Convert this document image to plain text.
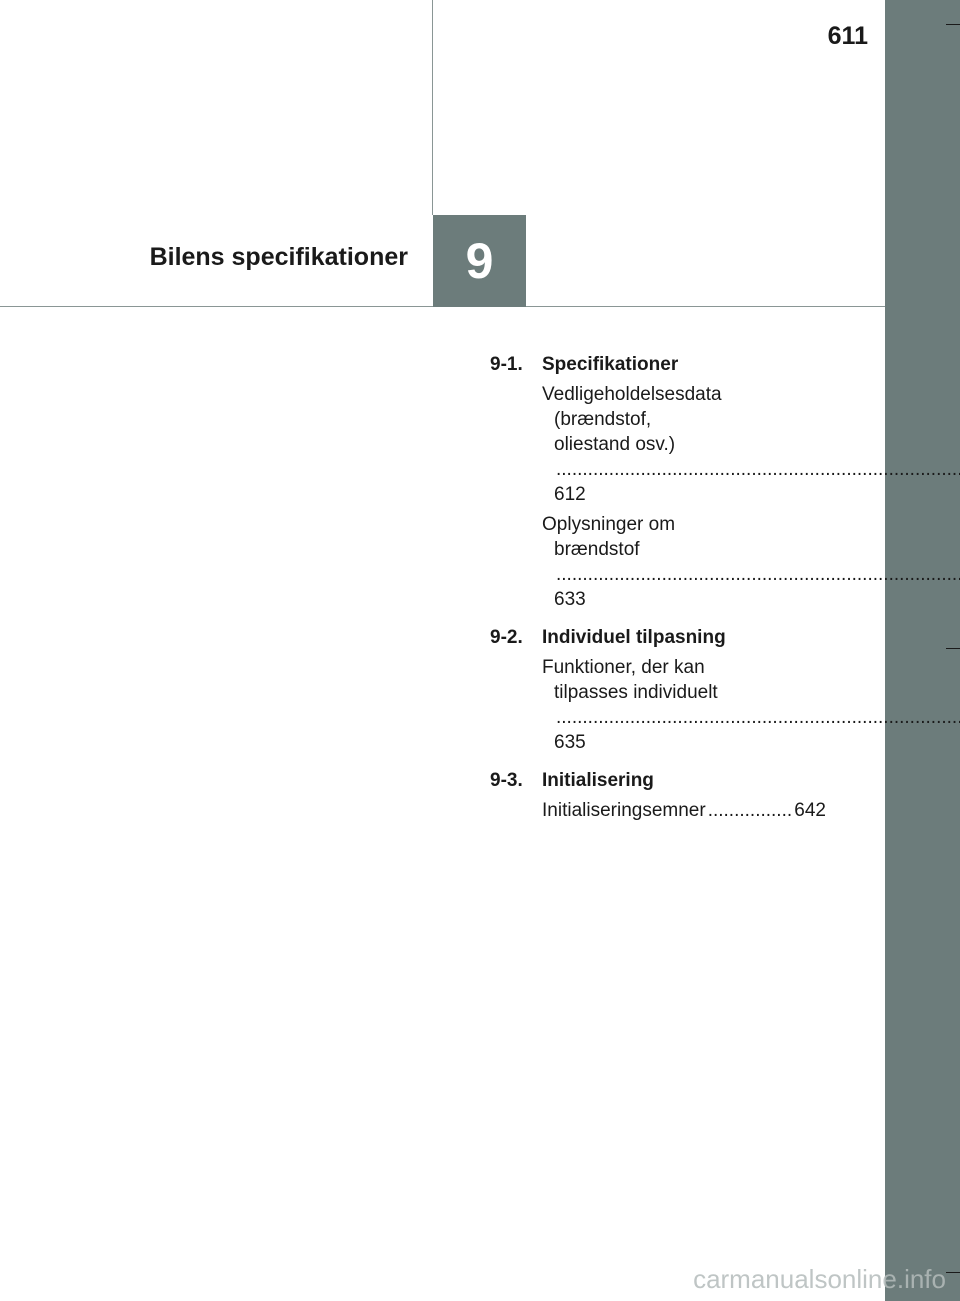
611
Bilens specifikationer 9
9-1.	Specifikationer
Vedligeholdelsesdata
(brændstof,
oliestand osv.) ..... 612
Oplysninger om
brændstof ..... 633
9-2.	Individuel tilpasning
Funktioner, der kan
tilpasses individuelt ..... 635
9-3.	Initialisering
Initialiseringsemner .....	642
carmanualsonline.info
